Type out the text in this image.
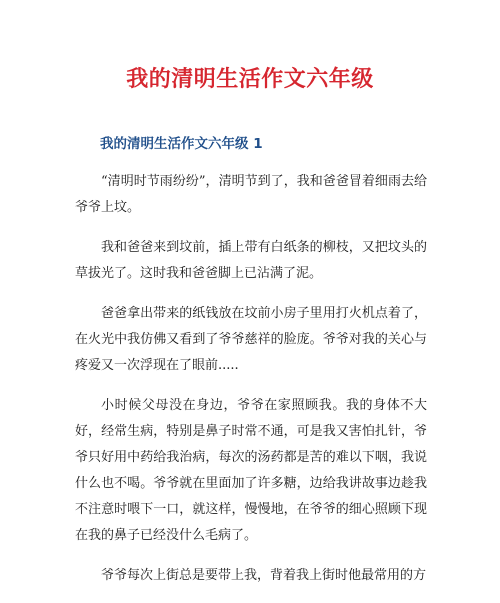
我的清明生活作文六年级
我的清明生活作文六年级 1

“清明时节雨纷纷”，清明节到了，我和爸爸冒着细雨去给爷爷上坟。

我和爸爸来到坟前，插上带有白纸条的柳枝，又把坟头的草拔光了。这时我和爸爸脚上已沾满了泥。

爸爸拿出带来的纸钱放在坟前小房子里用打火机点着了，在火光中我仿佛又看到了爷爷慈祥的脸庞。爷爷对我的关心与疼爱又一次浮现在了眼前.....

小时候父母没在身边，爷爷在家照顾我。我的身体不大好，经常生病，特别是鼻子时常不通，可是我又害怕扎针，爷爷只好用中药给我治病，每次的汤药都是苦的难以下咽，我说什么也不喝。爷爷就在里面加了许多糖，边给我讲故事边趁我不注意时喂下一口，就这样，慢慢地，在爷爷的细心照顾下现在我的鼻子已经没什么毛病了。

爷爷每次上街总是要带上我，背着我上街时他最常用的方
